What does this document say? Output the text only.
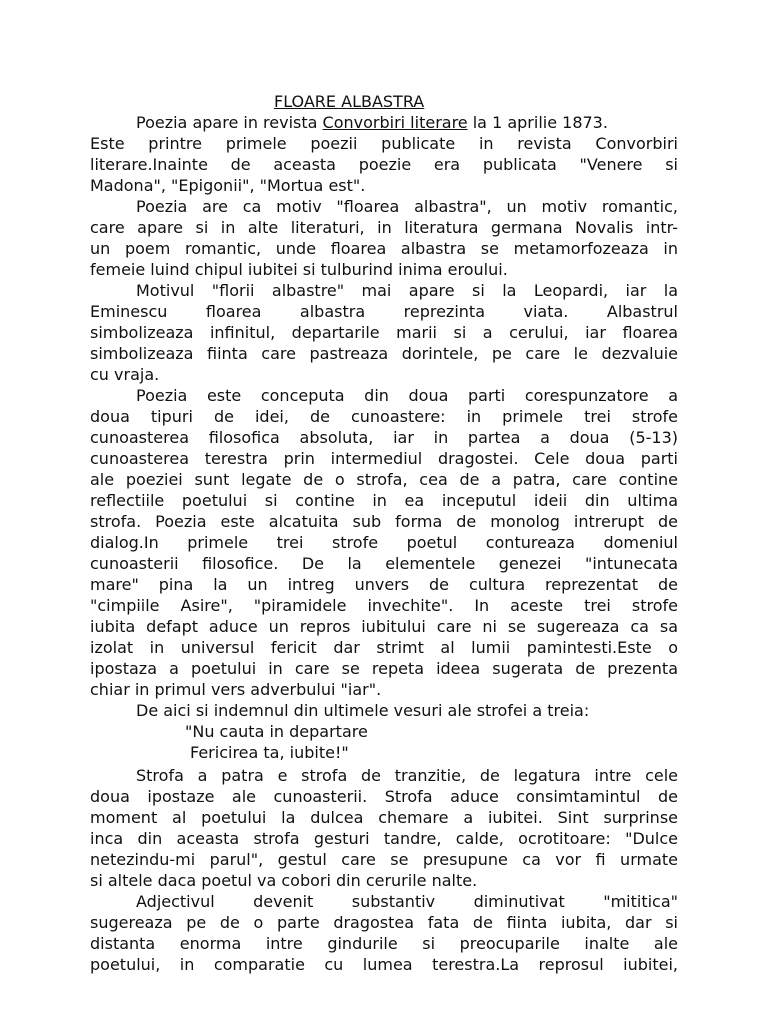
FLOARE ALBASTRA
Poezia apare in revista Convorbiri literare la 1 aprilie 1873.
Este printre primele poezii publicate in revista Convorbiri
literare.Inainte de aceasta poezie era publicata "Venere si
Madona", "Epigonii", "Mortua est".
Poezia are ca motiv "floarea albastra", un motiv romantic,
care apare si in alte literaturi, in literatura germana Novalis intr-
un poem romantic, unde floarea albastra se metamorfozeaza in
femeie luind chipul iubitei si tulburind inima eroului.
Motivul "florii albastre" mai apare si la Leopardi, iar la
Eminescu floarea albastra reprezinta viata. Albastrul
simbolizeaza infinitul, departarile marii si a cerului, iar floarea
simbolizeaza fiinta care pastreaza dorintele, pe care le dezvaluie
cu vraja.
Poezia este conceputa din doua parti corespunzatore a
doua tipuri de idei, de cunoastere: in primele trei strofe
cunoasterea filosofica absoluta, iar in partea a doua (5-13)
cunoasterea terestra prin intermediul dragostei. Cele doua parti
ale poeziei sunt legate de o strofa, cea de a patra, care contine
reflectiile poetului si contine in ea inceputul ideii din ultima
strofa. Poezia este alcatuita sub forma de monolog intrerupt de
dialog.In primele trei strofe poetul contureaza domeniul
cunoasterii filosofice. De la elementele genezei "intunecata
mare" pina la un intreg unvers de cultura reprezentat de
"cimpiile Asire", "piramidele invechite". In aceste trei strofe
iubita defapt aduce un repros iubitului care ni se sugereaza ca sa
izolat in universul fericit dar strimt al lumii pamintesti.Este o
ipostaza a poetului in care se repeta ideea sugerata de prezenta
chiar in primul vers adverbului "iar".
De aici si indemnul din ultimele vesuri ale strofei a treia:
"Nu cauta in departare
Fericirea ta, iubite!"
Strofa a patra e strofa de tranzitie, de legatura intre cele
doua ipostaze ale cunoasterii. Strofa aduce consimtamintul de
moment al poetului la dulcea chemare a iubitei. Sint surprinse
inca din aceasta strofa gesturi tandre, calde, ocrotitoare: "Dulce
netezindu-mi parul", gestul care se presupune ca vor fi urmate
si altele daca poetul va cobori din cerurile nalte.
Adjectivul devenit substantiv diminutivat "mititica"
sugereaza pe de o parte dragostea fata de fiinta iubita, dar si
distanta enorma intre gindurile si preocuparile inalte ale
poetului, in comparatie cu lumea terestra.La reprosul iubitei,
